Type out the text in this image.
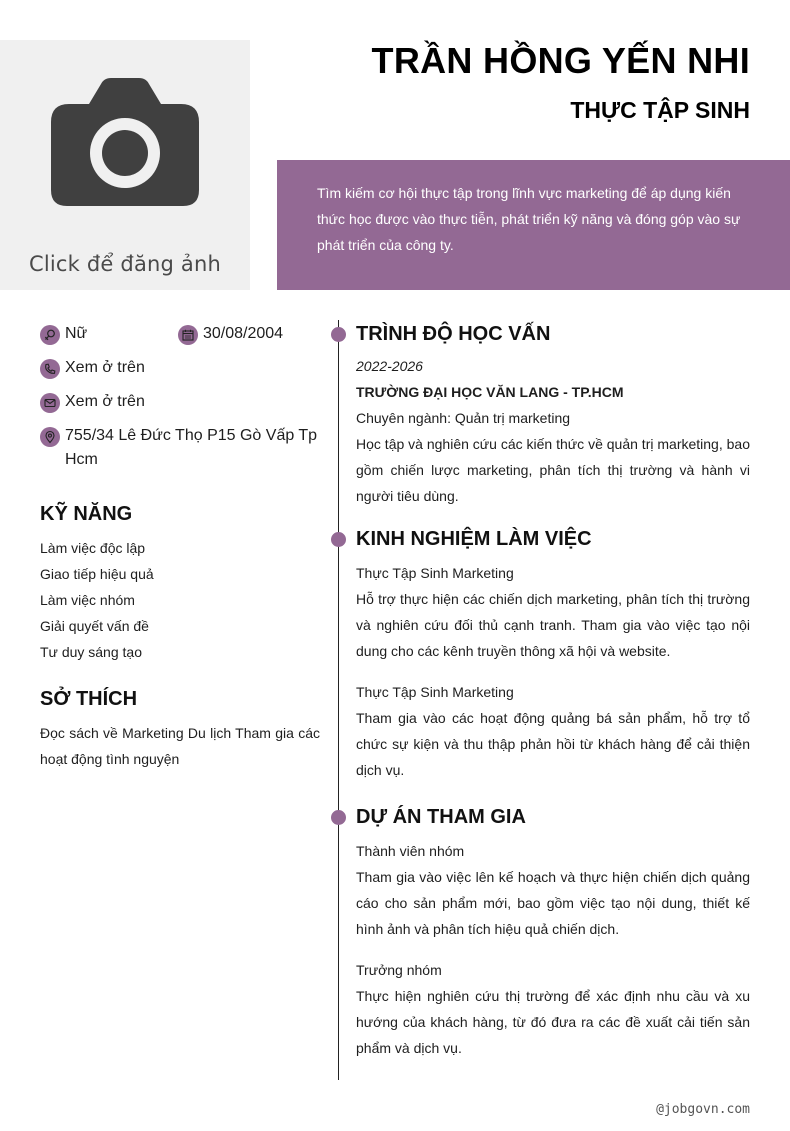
Click để đăng ảnh
TRẦN HỒNG YẾN NHI
THỰC TẬP SINH
Tìm kiếm cơ hội thực tập trong lĩnh vực marketing để áp dụng kiến thức học được vào thực tiễn, phát triển kỹ năng và đóng góp vào sự phát triển của công ty.
Nữ	30/08/2004
Xem ở trên
Xem ở trên
755/34 Lê Đức Thọ P15 Gò Vấp Tp Hcm
KỸ NĂNG
Làm việc độc lập
Giao tiếp hiệu quả
Làm việc nhóm
Giải quyết vấn đề
Tư duy sáng tạo
SỞ THÍCH

Đọc sách về Marketing Du lịch Tham gia các hoạt động tình nguyện

TRÌNH ĐỘ HỌC VẤN

2022-2026

TRƯỜNG ĐẠI HỌC VĂN LANG - TP.HCM

Chuyên ngành: Quản trị marketing

Học tập và nghiên cứu các kiến thức về quản trị marketing, bao gồm chiến lược marketing, phân tích thị trường và hành vi người tiêu dùng.

KINH NGHIỆM LÀM VIỆC

Thực Tập Sinh Marketing

Hỗ trợ thực hiện các chiến dịch marketing, phân tích thị trường và nghiên cứu đối thủ cạnh tranh. Tham gia vào việc tạo nội dung cho các kênh truyền thông xã hội và website.

Thực Tập Sinh Marketing

Tham gia vào các hoạt động quảng bá sản phẩm, hỗ trợ tổ chức sự kiện và thu thập phản hồi từ khách hàng để cải thiện dịch vụ.

DỰ ÁN THAM GIA

Thành viên nhóm

Tham gia vào việc lên kế hoạch và thực hiện chiến dịch quảng cáo cho sản phẩm mới, bao gồm việc tạo nội dung, thiết kế hình ảnh và phân tích hiệu quả chiến dịch.

Trưởng nhóm

Thực hiện nghiên cứu thị trường để xác định nhu cầu và xu hướng của khách hàng, từ đó đưa ra các đề xuất cải tiến sản phẩm và dịch vụ.

@jobgovn.com
